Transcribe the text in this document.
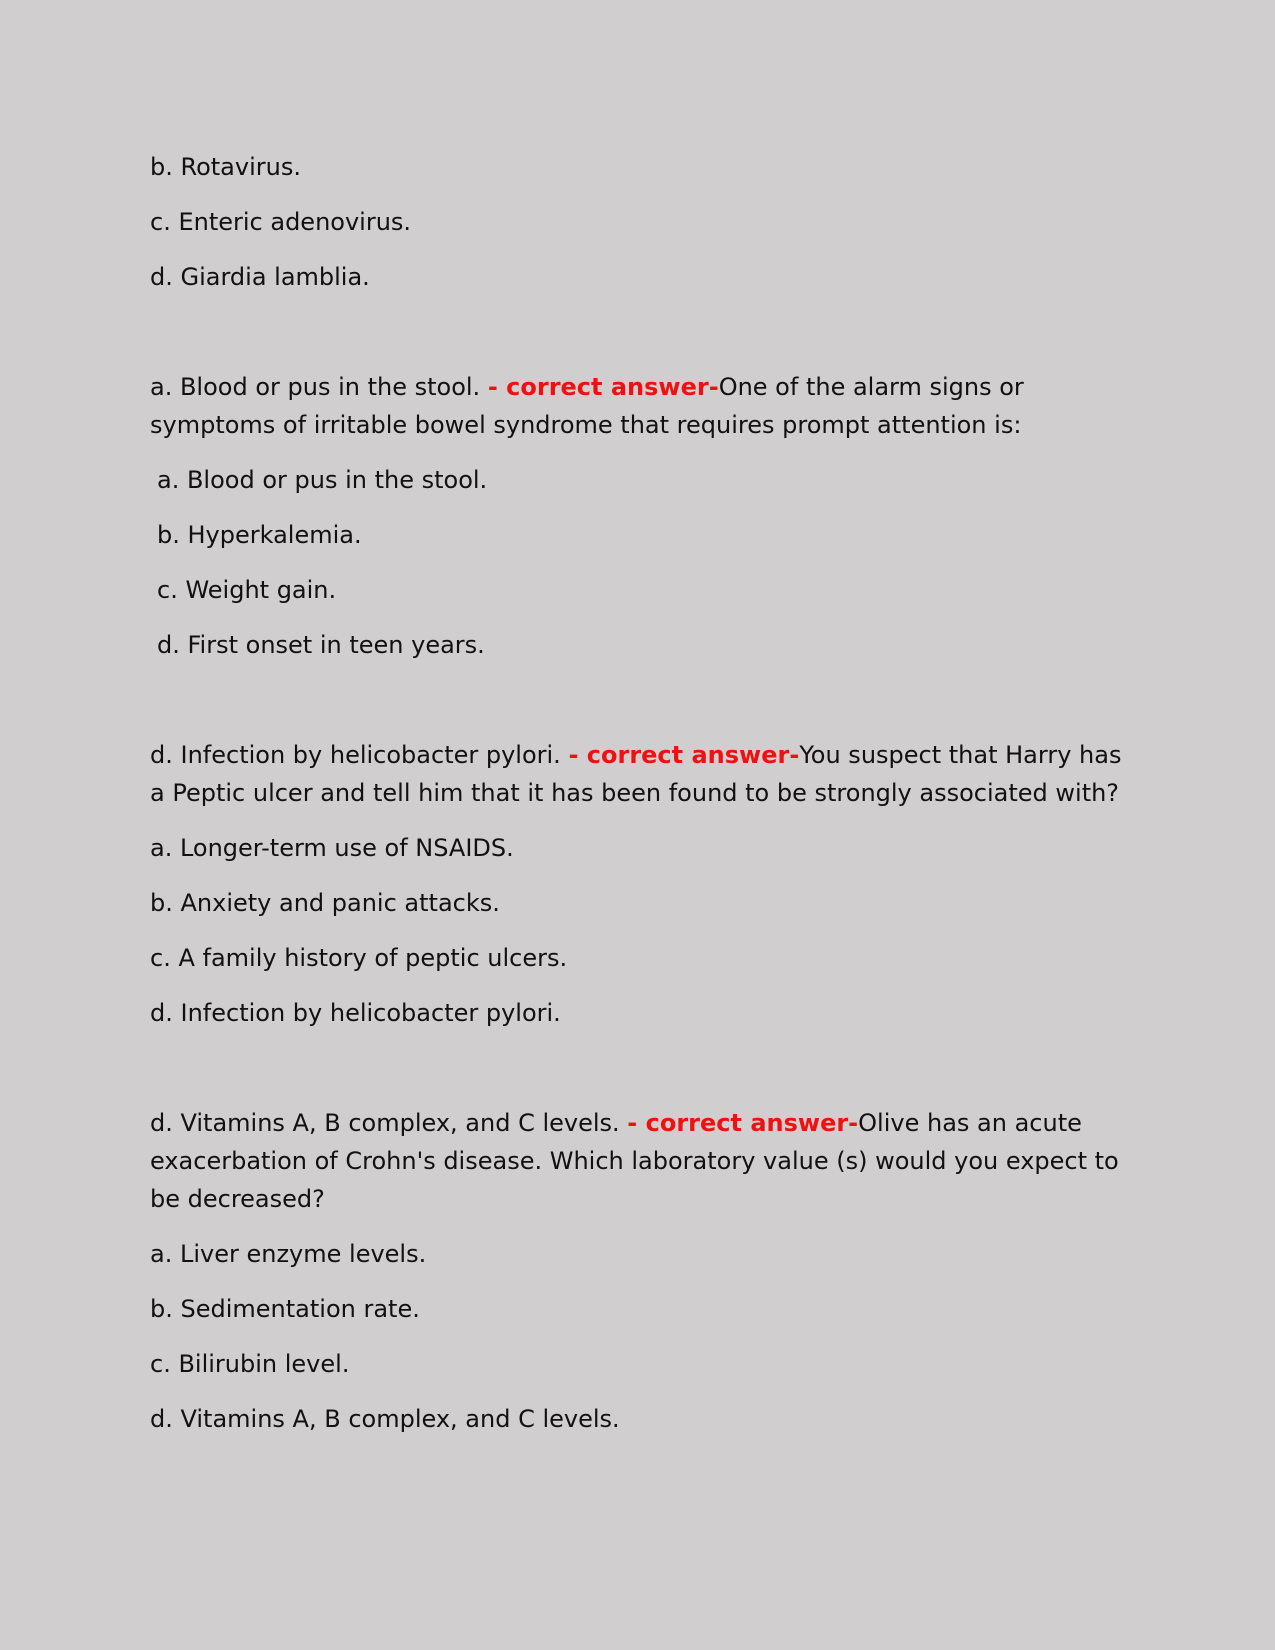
b. Rotavirus.
c. Enteric adenovirus.
d. Giardia lamblia.
a. Blood or pus in the stool. - correct answer-One of the alarm signs or symptoms of irritable bowel syndrome that requires prompt attention is:
a. Blood or pus in the stool.
b. Hyperkalemia.
c. Weight gain.
d. First onset in teen years.
d. Infection by helicobacter pylori. - correct answer-You suspect that Harry has a Peptic ulcer and tell him that it has been found to be strongly associated with?
a. Longer-term use of NSAIDS.
b. Anxiety and panic attacks.
c. A family history of peptic ulcers.
d. Infection by helicobacter pylori.
d. Vitamins A, B complex, and C levels. - correct answer-Olive has an acute exacerbation of Crohn's disease. Which laboratory value (s) would you expect to be decreased?
a. Liver enzyme levels.
b. Sedimentation rate.
c. Bilirubin level.
d. Vitamins A, B complex, and C levels.
